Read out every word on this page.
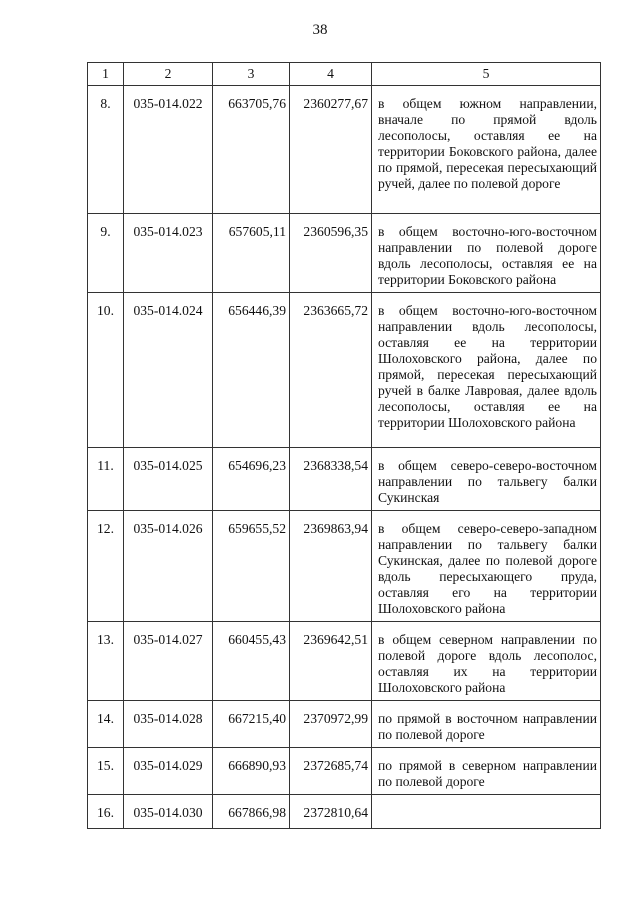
38
1	2	3	4	5
8.	035-014.022	663705,76	2360277,67	в общем южном направлении, вначале по прямой вдоль лесополосы, оставляя ее на территории Боковского района, далее по прямой, пересекая пересыхающий ручей, далее по полевой дороге
9.	035-014.023	657605,11	2360596,35	в общем восточно-юго-восточном направлении по полевой дороге вдоль лесополосы, оставляя ее на территории Боковского района
10.	035-014.024	656446,39	2363665,72	в общем восточно-юго-восточном направлении вдоль лесополосы, оставляя ее на территории Шолоховского района, далее по прямой, пересекая пересыхающий ручей в балке Лавровая, далее вдоль лесополосы, оставляя ее на территории Шолоховского района
11.	035-014.025	654696,23	2368338,54	в общем северо-северо-восточном направлении по тальвегу балки Сукинская
12.	035-014.026	659655,52	2369863,94	в общем северо-северо-западном направлении по тальвегу балки Сукинская, далее по полевой дороге вдоль пересыхающего пруда, оставляя его на территории Шолоховского района
13.	035-014.027	660455,43	2369642,51	в общем северном направлении по полевой дороге вдоль лесополос, оставляя их на территории Шолоховского района
14.	035-014.028	667215,40	2370972,99	по прямой в восточном направлении по полевой дороге
15.	035-014.029	666890,93	2372685,74	по прямой в северном направлении по полевой дороге
16.	035-014.030	667866,98	2372810,64	
